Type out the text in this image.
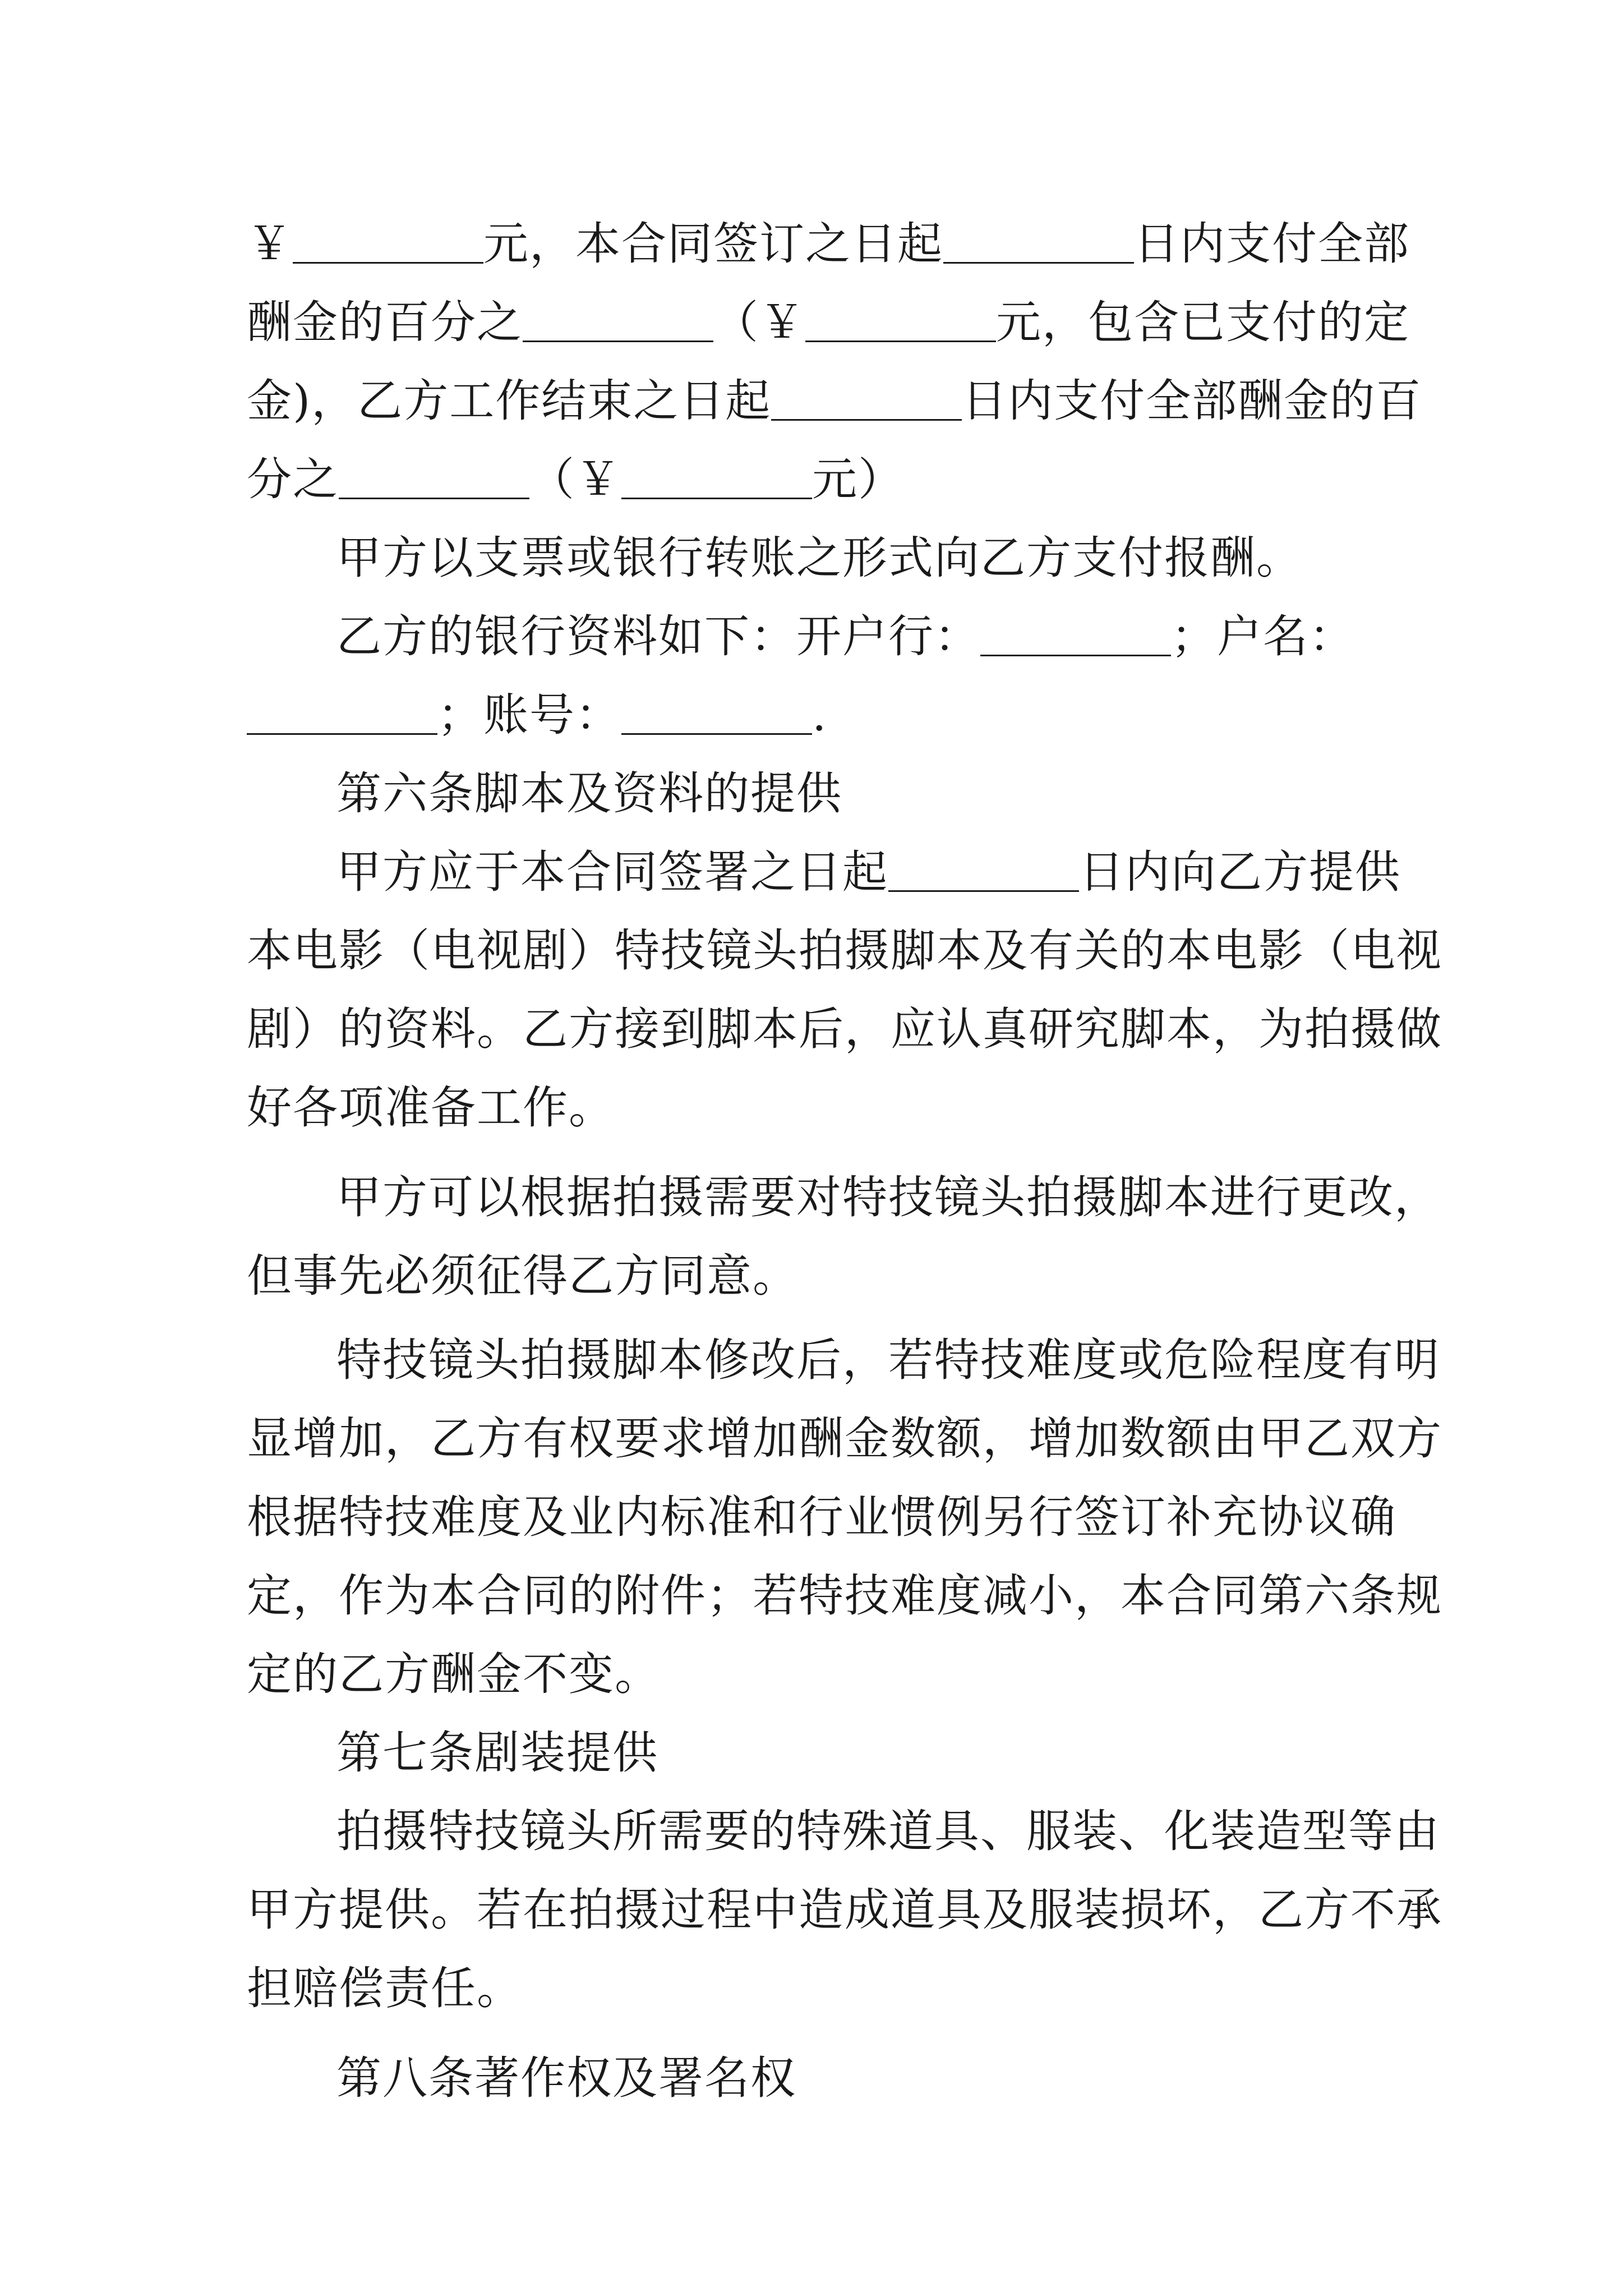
￥	元，本合同签订之日起	日内支付全部
酬金的百分之	（￥	元，包含已支付的定
金)，乙方工作结束之日起	日内支付全部酬金的百
分之	（￥	元）
甲方以支票或银行转账之形式向乙方支付报酬。
乙方的银行资料如下：开户行：	；户名：
；账号：	.
第六条脚本及资料的提供
甲方应于本合同签署之日起	日内向乙方提供
本电影（电视剧）特技镜头拍摄脚本及有关的本电影（电视
剧）的资料。乙方接到脚本后，应认真研究脚本，为拍摄做
好各项准备工作。
甲方可以根据拍摄需要对特技镜头拍摄脚本进行更改，
但事先必须征得乙方同意。
特技镜头拍摄脚本修改后，若特技难度或危险程度有明
显增加，乙方有权要求增加酬金数额，增加数额由甲乙双方
根据特技难度及业内标准和行业惯例另行签订补充协议确
定，作为本合同的附件；若特技难度减小，本合同第六条规
定的乙方酬金不变。
第七条剧装提供
拍摄特技镜头所需要的特殊道具、服装、化装造型等由
甲方提供。若在拍摄过程中造成道具及服装损坏，乙方不承
担赔偿责任。
第八条著作权及署名权
